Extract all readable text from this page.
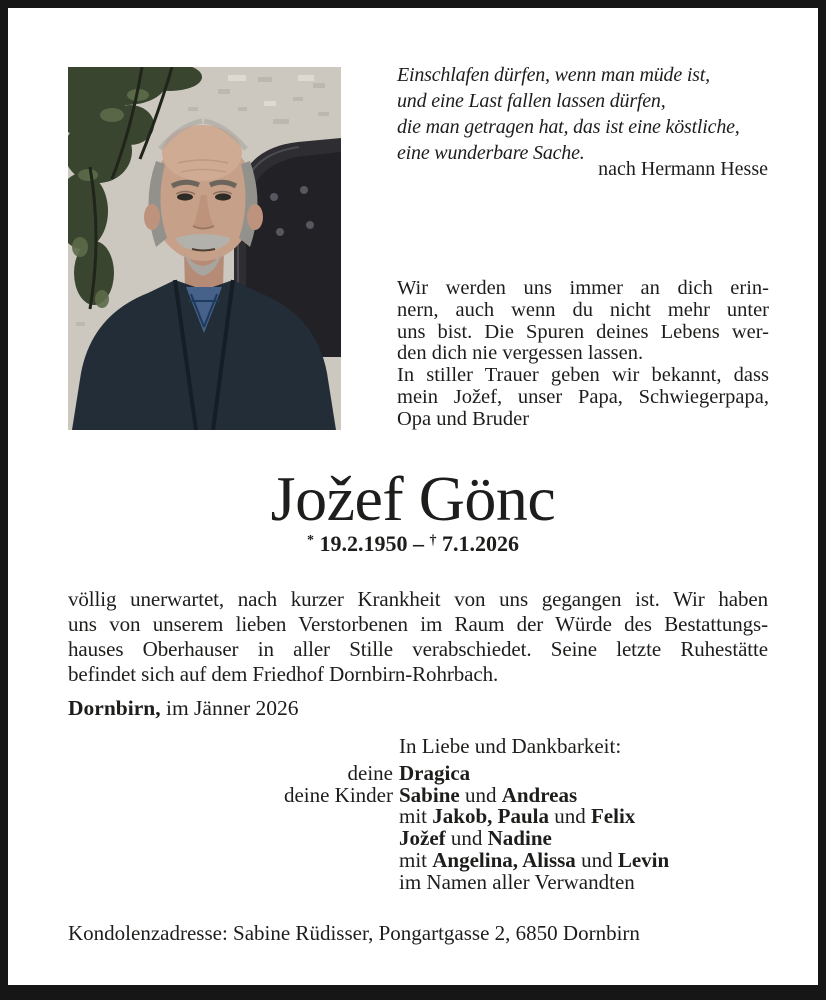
Einschlafen dürfen, wenn man müde ist,
und eine Last fallen lassen dürfen,
die man getragen hat, das ist eine köstliche,
eine wunderbare Sache.
nach Hermann Hesse
Wir werden uns immer an dich erin-
nern, auch wenn du nicht mehr unter
uns bist. Die Spuren deines Lebens wer-
den dich nie vergessen lassen.
In stiller Trauer geben wir bekannt, dass
mein Jožef, unser Papa, Schwiegerpapa,
Opa und Bruder
Jožef Gönc
* 19.2.1950 – † 7.1.2026
völlig unerwartet, nach kurzer Krankheit von uns gegangen ist. Wir haben
uns von unserem lieben Verstorbenen im Raum der Würde des Bestattungs-
hauses Oberhauser in aller Stille verabschiedet. Seine letzte Ruhestätte
befindet sich auf dem Friedhof Dornbirn-Rohrbach.
Dornbirn, im Jänner 2026
In Liebe und Dankbarkeit:
deine Dragica
deine Kinder Sabine und Andreas
mit Jakob, Paula und Felix
Jožef und Nadine
mit Angelina, Alissa und Levin
im Namen aller Verwandten
Kondolenzadresse: Sabine Rüdisser, Pongartgasse 2, 6850 Dornbirn
